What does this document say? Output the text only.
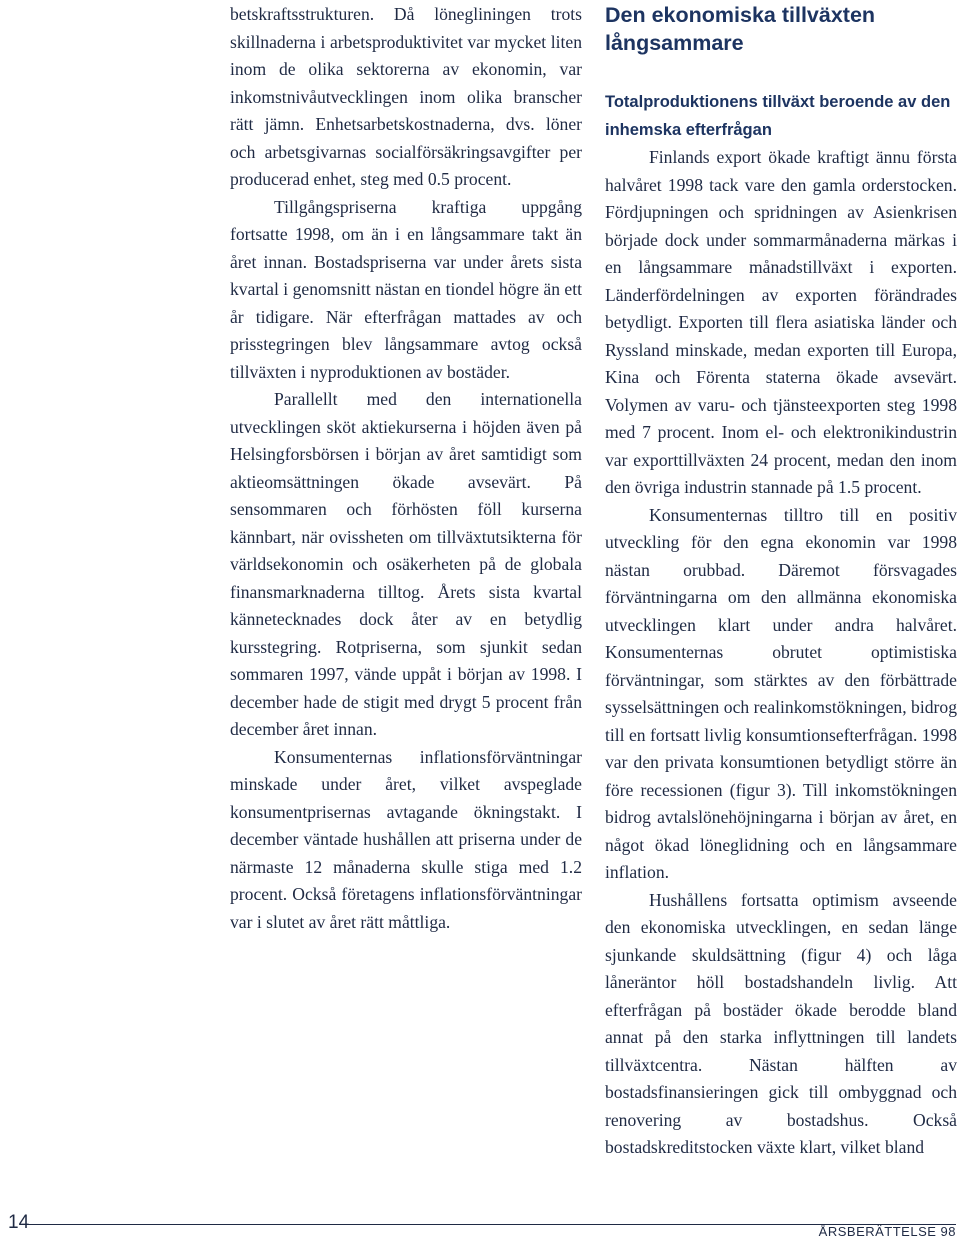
betskraftsstrukturen. Då lönegliningen trots skillnaderna i arbetsproduktivitet var mycket liten inom de olika sektorerna av ekonomin, var inkomstnivåutvecklingen inom olika branscher rätt jämn. Enhetsarbetskostnaderna, dvs. löner och arbetsgivarnas socialförsäkringsavgifter per producerad enhet, steg med 0.5 procent.

Tillgångspriserna kraftiga uppgång fortsatte 1998, om än i en långsammare takt än året innan. Bostadspriserna var under årets sista kvartal i genomsnitt nästan en tiondel högre än ett år tidigare. När efterfrågan mattades av och prisstegringen blev långsammare avtog också tillväxten i nyproduktionen av bostäder.

Parallellt med den internationella utvecklingen sköt aktiekurserna i höjden även på Helsingforsbörsen i början av året samtidigt som aktieomsättningen ökade avsevärt. På sensommaren och förhösten föll kurserna kännbart, när ovissheten om tillväxtutsikterna för världsekonomin och osäkerheten på de globala finansmarknaderna tilltog. Årets sista kvartal kännetecknades dock åter av en betydlig kursstegring. Rotpriserna, som sjunkit sedan sommaren 1997, vände uppåt i början av 1998. I december hade de stigit med drygt 5 procent från december året innan.

Konsumenternas inflationsförväntningar minskade under året, vilket avspeglade konsumentprisernas avtagande ökningstakt. I december väntade hushållen att priserna under de närmaste 12 månaderna skulle stiga med 1.2 procent. Också företagens inflationsförväntningar var i slutet av året rätt måttliga.

Den ekonomiska tillväxten långsammare
Totalproduktionens tillväxt beroende av den inhemska efterfrågan

Finlands export ökade kraftigt ännu första halvåret 1998 tack vare den gamla orderstocken. Fördjupningen och spridningen av Asienkrisen började dock under sommarmånaderna märkas i en långsammare månadstillväxt i exporten. Länderfördelningen av exporten förändrades betydligt. Exporten till flera asiatiska länder och Ryssland minskade, medan exporten till Europa, Kina och Förenta staterna ökade avsevärt. Volymen av varu- och tjänsteexporten steg 1998 med 7 procent. Inom el- och elektronikindustrin var exporttillväxten 24 procent, medan den inom den övriga industrin stannade på 1.5 procent.

Konsumenternas tilltro till en positiv utveckling för den egna ekonomin var 1998 nästan orubbad. Däremot försvagades förväntningarna om den allmänna ekonomiska utvecklingen klart under andra halvåret. Konsumenternas obrutet optimistiska förväntningar, som stärktes av den förbättrade sysselsättningen och realinkomstökningen, bidrog till en fortsatt livlig konsumtionsefterfrågan. 1998 var den privata konsumtionen betydligt större än före recessionen (figur 3). Till inkomstökningen bidrog avtalslönehöjningarna i början av året, en något ökad löneglidning och en långsammare inflation.

Hushållens fortsatta optimism avseende den ekonomiska utvecklingen, en sedan länge sjunkande skuldsättning (figur 4) och låga låneräntor höll bostadshandeln livlig. Att efterfrågan på bostäder ökade berodde bland annat på den starka inflyttningen till landets tillväxtcentra. Nästan hälften av bostadsfinansieringen gick till ombyggnad och renovering av bostadshus. Också bostadskreditstocken växte klart, vilket bland

14	ÅRSBERÄTTELSE 98
